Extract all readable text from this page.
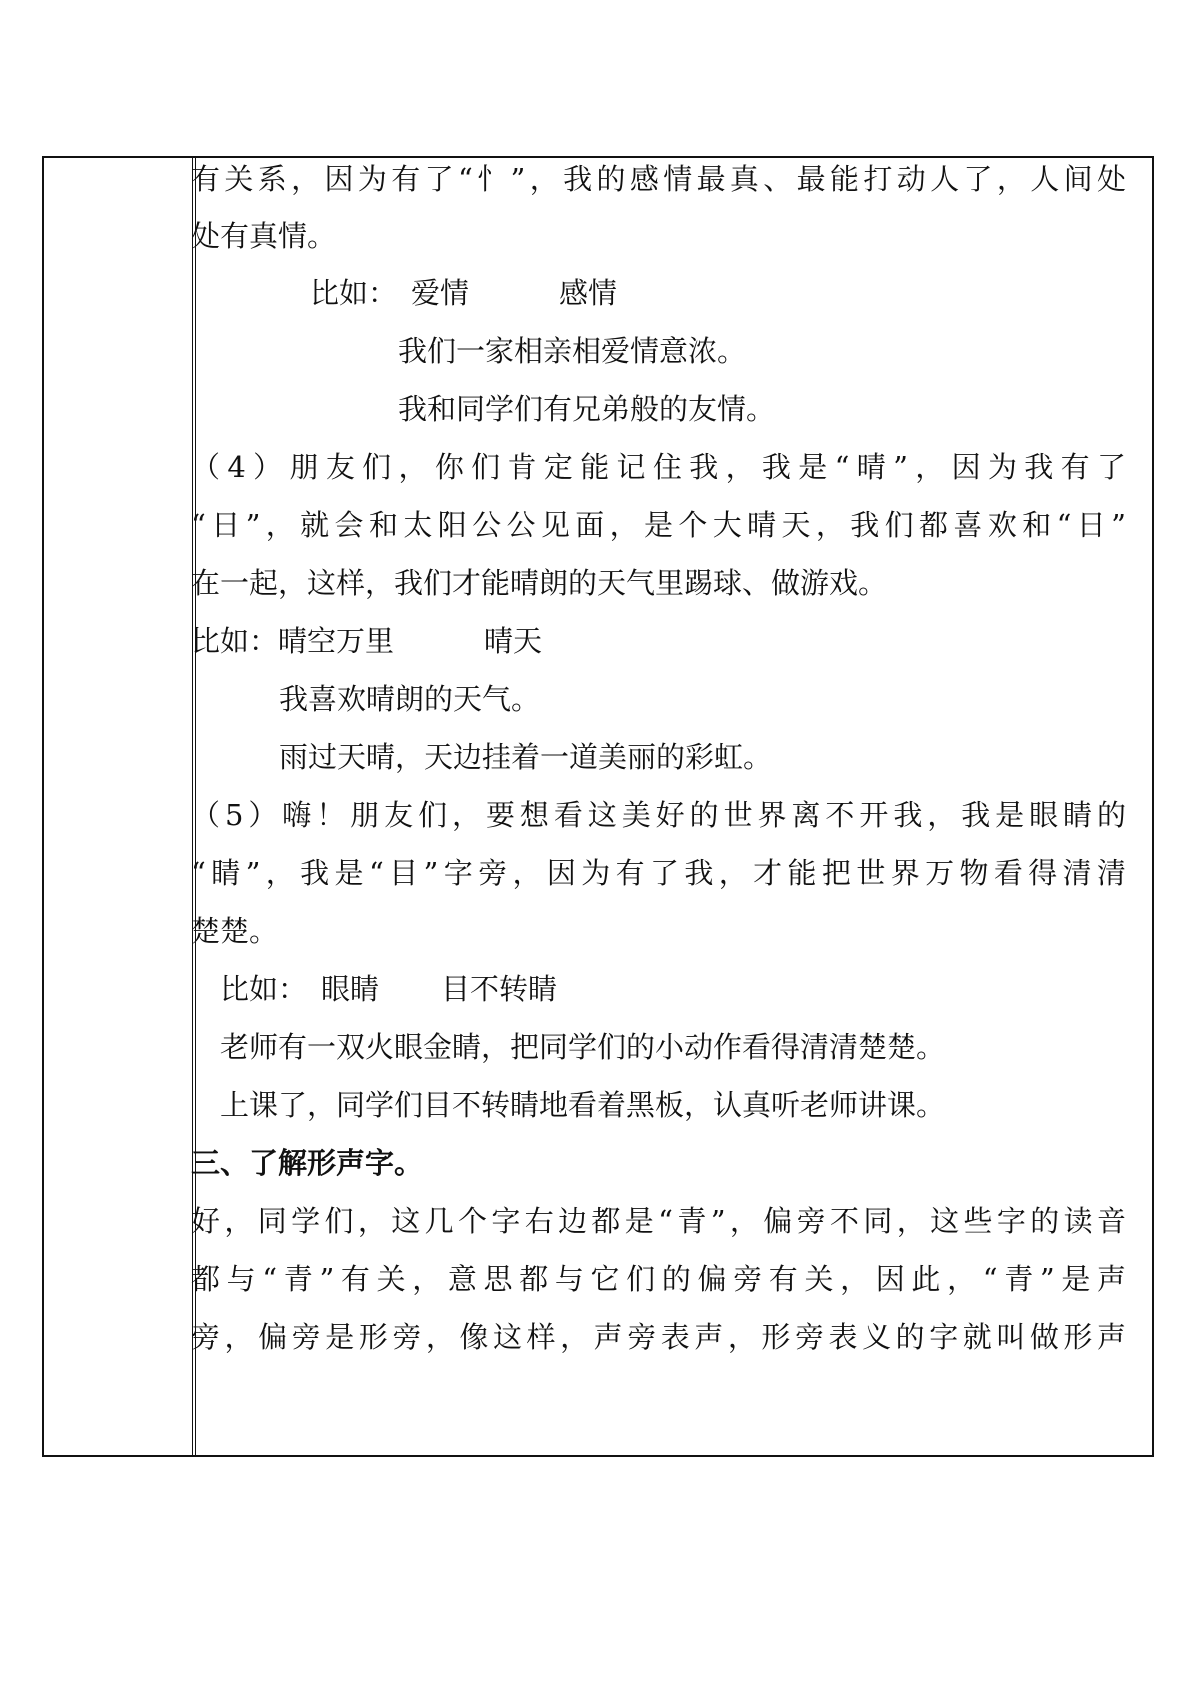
有关系，因为有了“忄”，我的感情最真、最能打动人了，人间处
处有真情。
比如： 爱情	感情
我们一家相亲相爱情意浓。
我和同学们有兄弟般的友情。
（4）朋友们，你们肯定能记住我，我是“晴”，因为我有了
“日”，就会和太阳公公见面，是个大晴天，我们都喜欢和“日”
在一起，这样，我们才能晴朗的天气里踢球、做游戏。
比如：晴空万里	晴天
我喜欢晴朗的天气。
雨过天晴，天边挂着一道美丽的彩虹。
（5）嗨！朋友们，要想看这美好的世界离不开我，我是眼睛的
“睛”，我是“目”字旁，因为有了我，才能把世界万物看得清清
楚楚。
比如： 眼睛 目不转睛
老师有一双火眼金睛，把同学们的小动作看得清清楚楚。
上课了，同学们目不转睛地看着黑板，认真听老师讲课。
三、了解形声字。
好，同学们，这几个字右边都是“青”，偏旁不同，这些字的读音
都与“青”有关，意思都与它们的偏旁有关，因此，“青”是声
旁，偏旁是形旁，像这样，声旁表声，形旁表义的字就叫做形声
